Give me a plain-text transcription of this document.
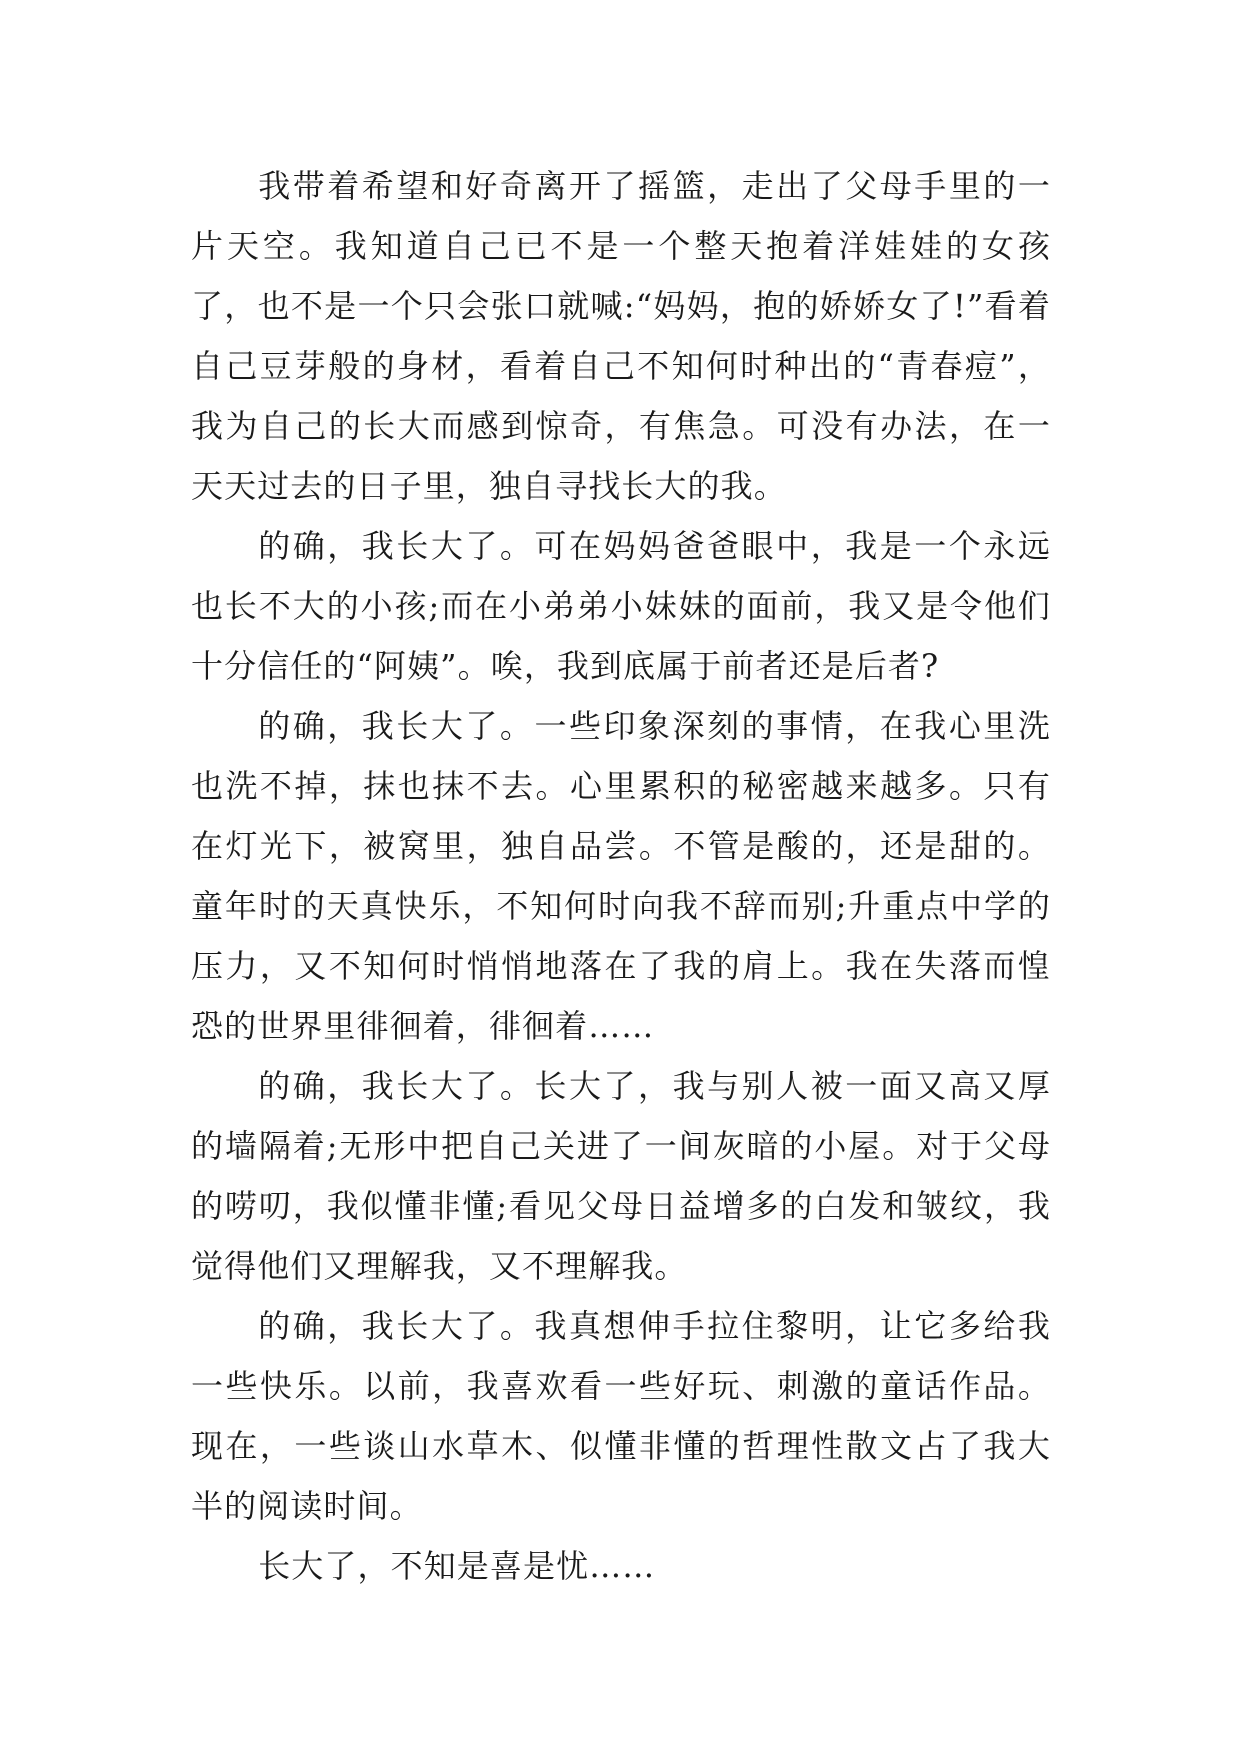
我带着希望和好奇离开了摇篮，走出了父母手里的一片天空。我知道自己已不是一个整天抱着洋娃娃的女孩了，也不是一个只会张口就喊:“妈妈，抱的娇娇女了!”看着自己豆芽般的身材，看着自己不知何时种出的“青春痘”，我为自己的长大而感到惊奇，有焦急。可没有办法，在一天天过去的日子里，独自寻找长大的我。

的确，我长大了。可在妈妈爸爸眼中，我是一个永远也长不大的小孩;而在小弟弟小妹妹的面前，我又是令他们十分信任的“阿姨”。唉，我到底属于前者还是后者?

的确，我长大了。一些印象深刻的事情，在我心里洗也洗不掉，抹也抹不去。心里累积的秘密越来越多。只有在灯光下，被窝里，独自品尝。不管是酸的，还是甜的。童年时的天真快乐，不知何时向我不辞而别;升重点中学的压力，又不知何时悄悄地落在了我的肩上。我在失落而惶恐的世界里徘徊着，徘徊着……

的确，我长大了。长大了，我与别人被一面又高又厚的墙隔着;无形中把自己关进了一间灰暗的小屋。对于父母的唠叨，我似懂非懂;看见父母日益增多的白发和皱纹，我觉得他们又理解我，又不理解我。

的确，我长大了。我真想伸手拉住黎明，让它多给我一些快乐。以前，我喜欢看一些好玩、刺激的童话作品。现在，一些谈山水草木、似懂非懂的哲理性散文占了我大半的阅读时间。

长大了，不知是喜是忧……
